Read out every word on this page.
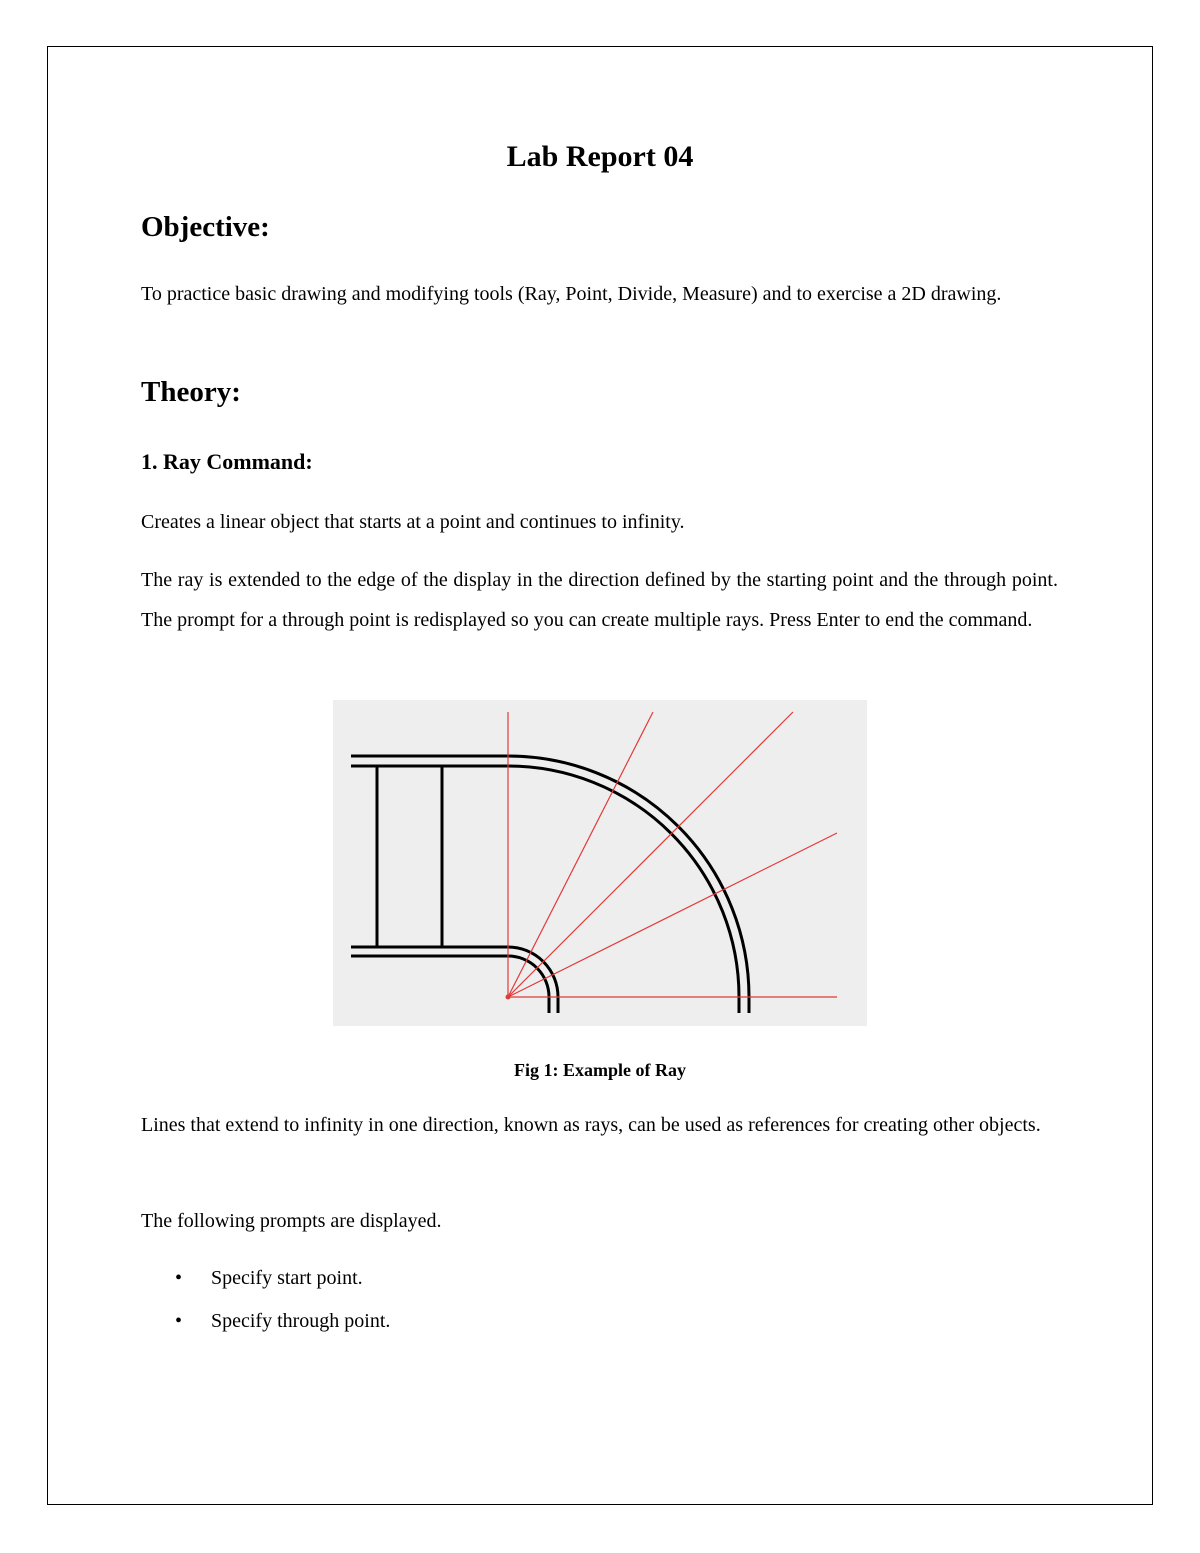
Lab Report 04
Objective:

To practice basic drawing and modifying tools (Ray, Point, Divide, Measure) and to exercise a 2D drawing.

Theory:
1. Ray Command:

Creates a linear object that starts at a point and continues to infinity.

The ray is extended to the edge of the display in the direction defined by the starting point and the through point. The prompt for a through point is redisplayed so you can create multiple rays. Press Enter to end the command.

Fig 1: Example of Ray

Lines that extend to infinity in one direction, known as rays, can be used as references for creating other objects.

The following prompts are displayed.

• Specify start point.
• Specify through point.
